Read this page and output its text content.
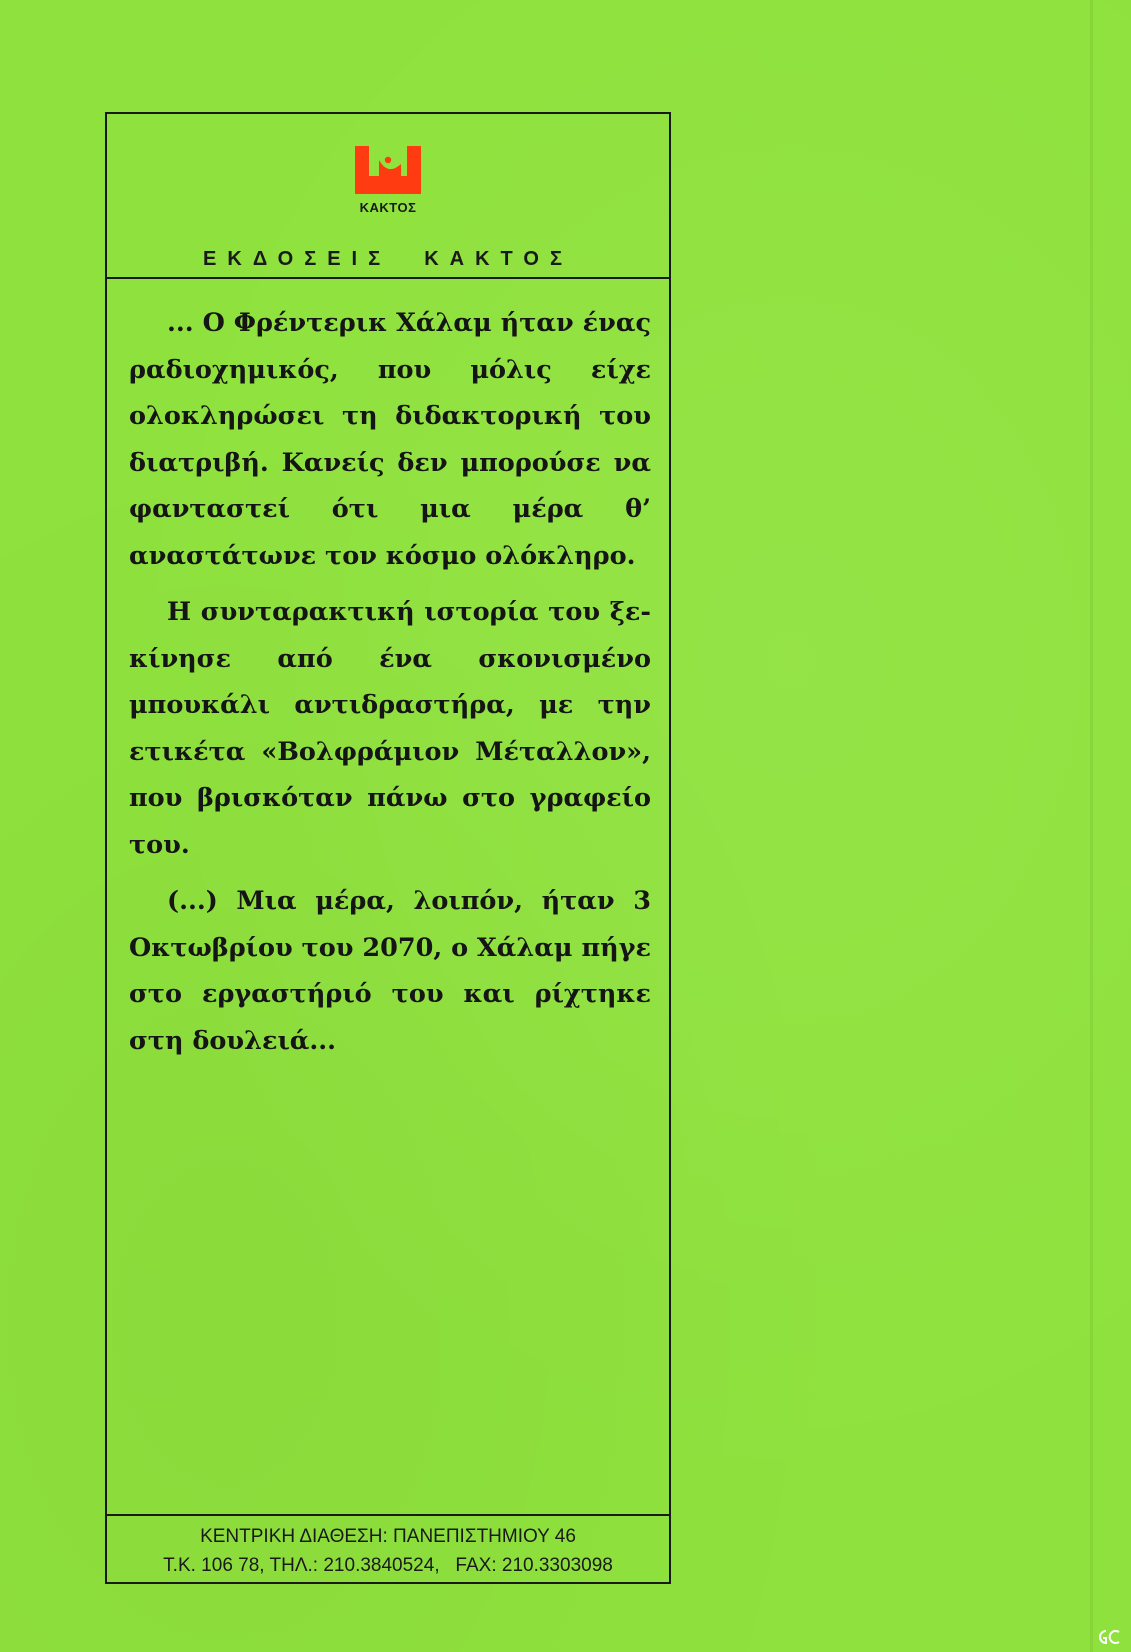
ΚΑΚΤΟΣ
ΕΚΔΟΣΕΙΣ  ΚΑΚΤΟΣ

... Ο Φρέντερικ Χάλαμ ήταν ένας ραδιοχημικός, που μόλις είχε ολοκληρώσει τη διδακτορική του διατριβή. Κανείς δεν μπορούσε να φανταστεί ότι μια μέρα θ’ αναστάτωνε τον κόσμο ολόκληρο.

Η συνταρακτική ιστορία του ξεκίνησε από ένα σκονισμένο μπουκάλι αντιδραστήρα, με την ετικέτα «Βολφράμιον Μέταλλον», που βρισκόταν πάνω στο γραφείο του.

(...) Μια μέρα, λοιπόν, ήταν 3 Οκτωβρίου του 2070, ο Χάλαμ πήγε στο εργαστήριό του και ρίχτηκε στη δουλειά...

ΚΕΝΤΡΙΚΗ ΔΙΑΘΕΣΗ: ΠΑΝΕΠΙΣΤΗΜΙΟΥ 46
Τ.Κ. 106 78, ΤΗΛ.: 210.3840524,   FAX: 210.3303098
